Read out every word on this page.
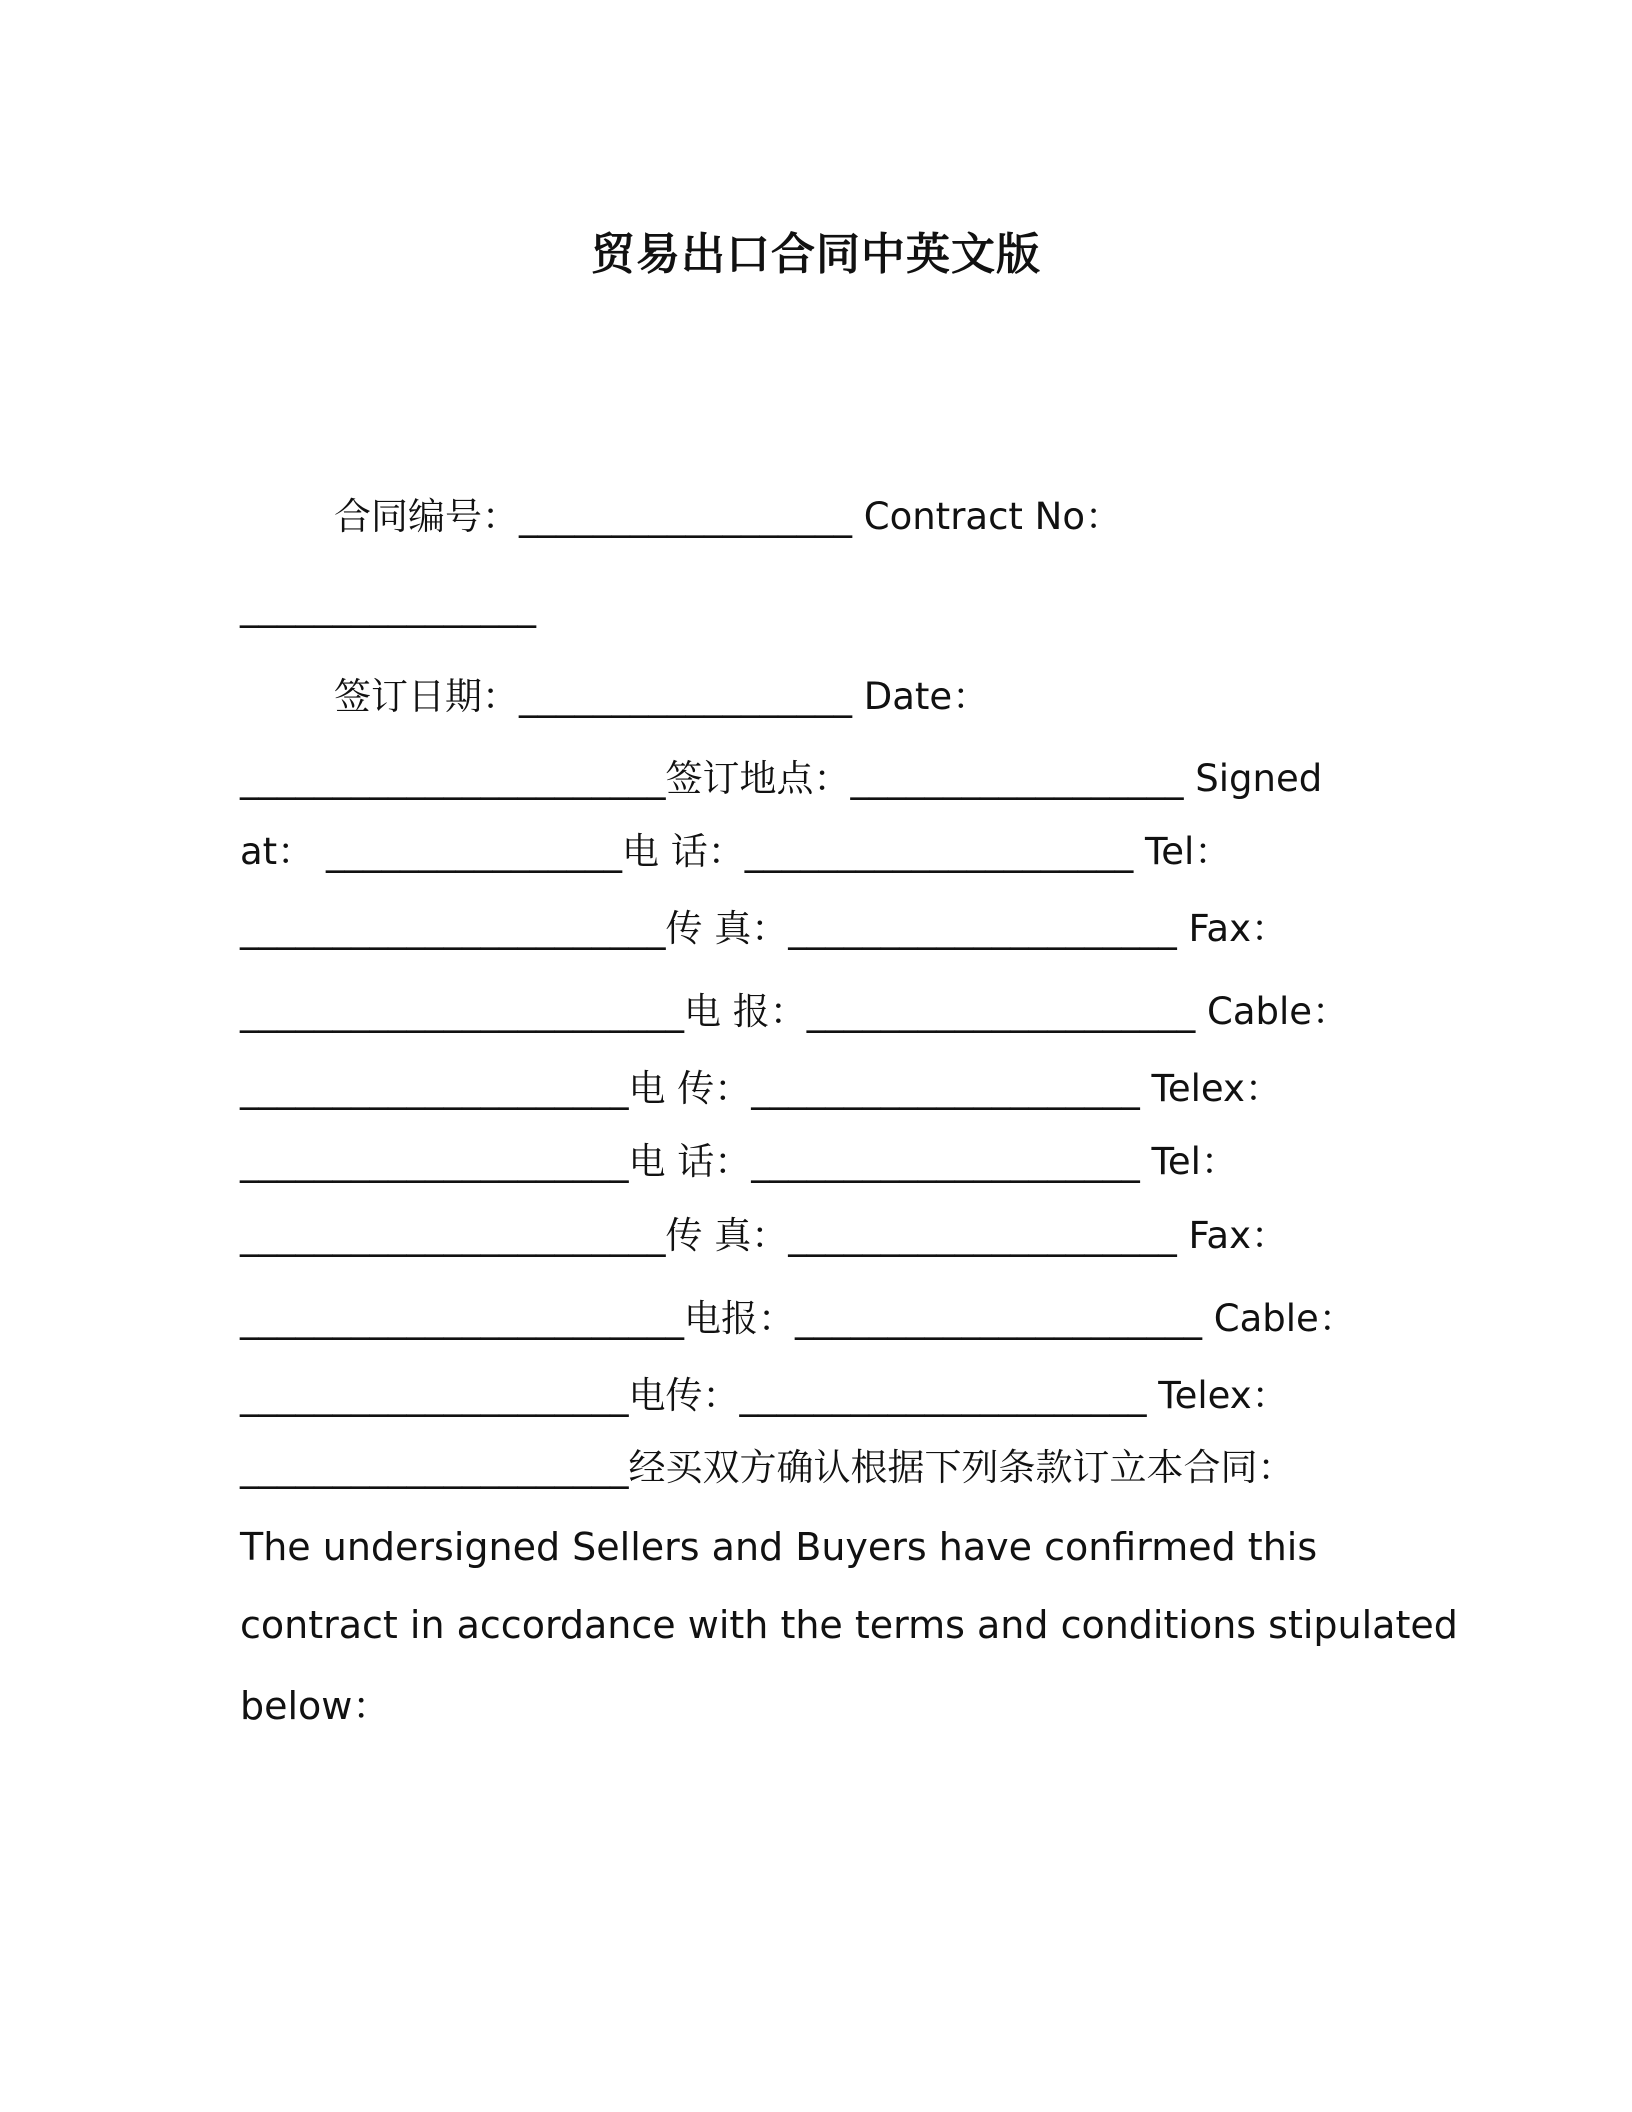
贸易出口合同中英文版
合同编号：__________________ Contract No：
________________
签订日期：__________________ Date：
_______________________签订地点：__________________ Signed
at： ________________电 话：_____________________ Tel：
_______________________传 真：_____________________ Fax：
________________________电 报：_____________________ Cable：
_____________________电 传：_____________________ Telex：
_____________________电 话：_____________________ Tel：
_______________________传 真：_____________________ Fax：
________________________电报：______________________ Cable：
_____________________电传：______________________ Telex：
_____________________经买双方确认根据下列条款订立本合同：
The undersigned Sellers and Buyers have confirmed this
contract in accordance with the terms and conditions stipulated
below：
